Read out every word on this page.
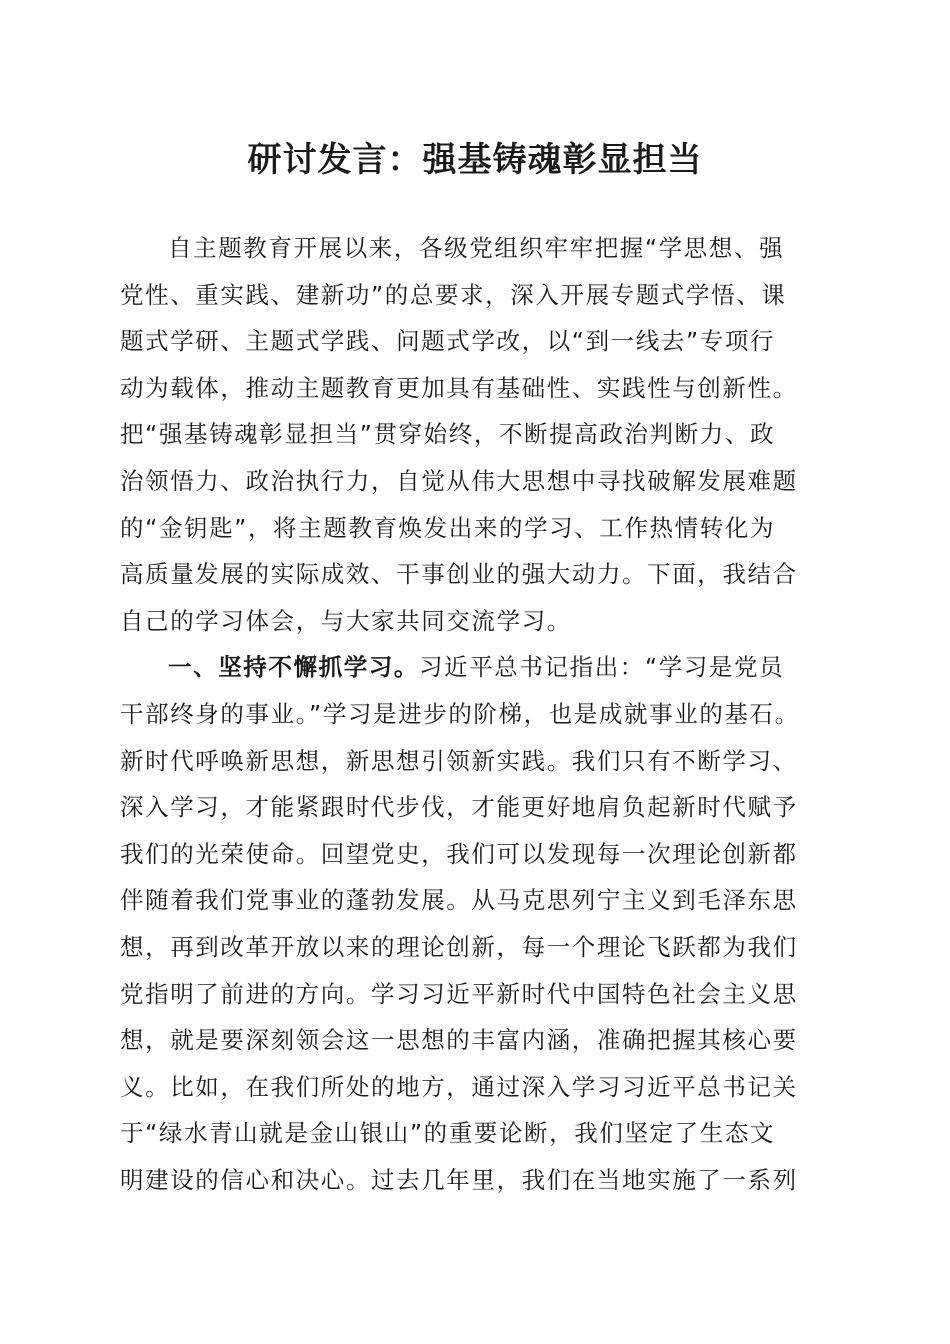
研讨发言：强基铸魂彰显担当
自主题教育开展以来，各级党组织牢牢把握“学思想、强
党性、重实践、建新功”的总要求，深入开展专题式学悟、课
题式学研、主题式学践、问题式学改，以“到一线去”专项行
动为载体，推动主题教育更加具有基础性、实践性与创新性。
把“强基铸魂彰显担当”贯穿始终，不断提高政治判断力、政
治领悟力、政治执行力，自觉从伟大思想中寻找破解发展难题
的“金钥匙”，将主题教育焕发出来的学习、工作热情转化为
高质量发展的实际成效、干事创业的强大动力。下面，我结合
自己的学习体会，与大家共同交流学习。
一、坚持不懈抓学习。习近平总书记指出：“学习是党员
干部终身的事业。”学习是进步的阶梯，也是成就事业的基石。
新时代呼唤新思想，新思想引领新实践。我们只有不断学习、
深入学习，才能紧跟时代步伐，才能更好地肩负起新时代赋予
我们的光荣使命。回望党史，我们可以发现每一次理论创新都
伴随着我们党事业的蓬勃发展。从马克思列宁主义到毛泽东思
想，再到改革开放以来的理论创新，每一个理论飞跃都为我们
党指明了前进的方向。学习习近平新时代中国特色社会主义思
想，就是要深刻领会这一思想的丰富内涵，准确把握其核心要
义。比如，在我们所处的地方，通过深入学习习近平总书记关
于“绿水青山就是金山银山”的重要论断，我们坚定了生态文
明建设的信心和决心。过去几年里，我们在当地实施了一系列
